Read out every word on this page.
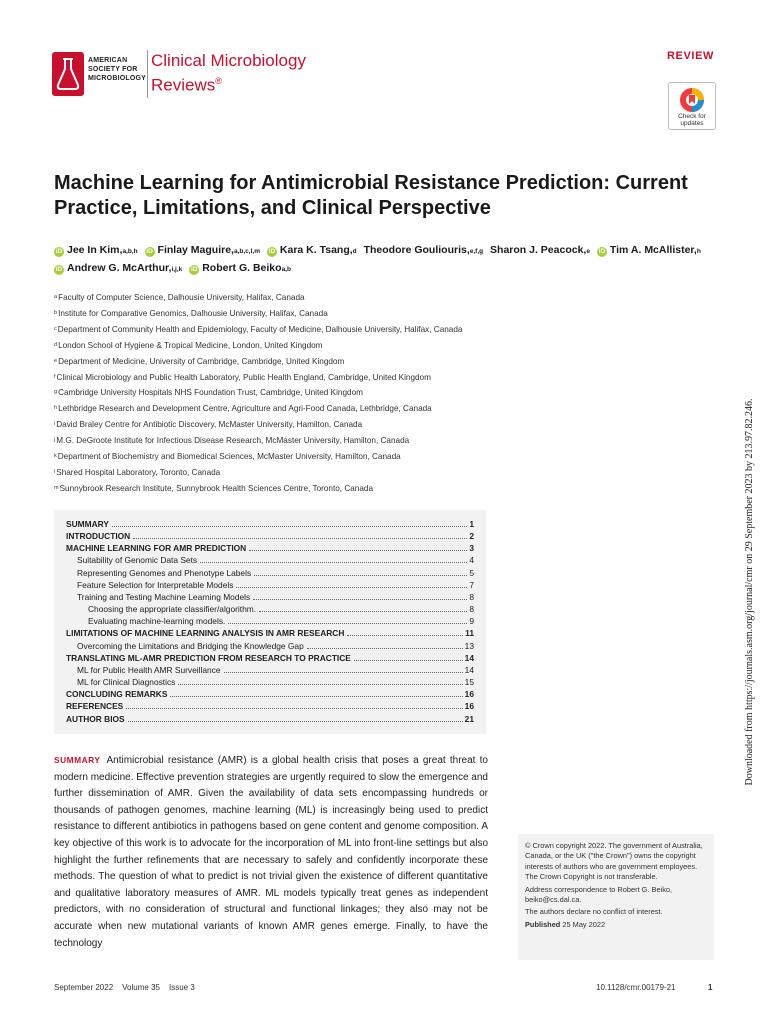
AMERICAN
SOCIETY FOR
MICROBIOLOGY
Clinical Microbiology
Reviews®
REVIEW
Check for
updates
Machine Learning for Antimicrobial Resistance Prediction: Current Practice, Limitations, and Clinical Perspective
iD Jee In Kim, a,b,h
iD Finlay Maguire, a,b,c,l,m
iD Kara K. Tsang, d
Theodore Gouliouris, e,f,g
Sharon J. Peacock, e
iD Tim A. McAllister, h

iD Andrew G. McArthur, i,j,k
iD Robert G. Beiko a,b
$^a$Faculty of Computer Science, Dalhousie University, Halifax, Canada
$^b$Institute for Comparative Genomics, Dalhousie University, Halifax, Canada
$^c$Department of Community Health and Epidemiology, Faculty of Medicine, Dalhousie University, Halifax, Canada
$^d$London School of Hygiene & Tropical Medicine, London, United Kingdom
$^e$Department of Medicine, University of Cambridge, Cambridge, United Kingdom
$^f$Clinical Microbiology and Public Health Laboratory, Public Health England, Cambridge, United Kingdom
$^g$Cambridge University Hospitals NHS Foundation Trust, Cambridge, United Kingdom
$^h$Lethbridge Research and Development Centre, Agriculture and Agri-Food Canada, Lethbridge, Canada
$^i$David Braley Centre for Antibiotic Discovery, McMaster University, Hamilton, Canada
$^j$M.G. DeGroote Institute for Infectious Disease Research, McMaster University, Hamilton, Canada
$^k$Department of Biochemistry and Biomedical Sciences, McMaster University, Hamilton, Canada
$^l$Shared Hospital Laboratory, Toronto, Canada
$^m$Sunnybrook Research Institute, Sunnybrook Health Sciences Centre, Toronto, Canada
SUMMARY	1
INTRODUCTION	2
MACHINE LEARNING FOR AMR PREDICTION	3
Suitability of Genomic Data Sets	4
Representing Genomes and Phenotype Labels	5
Feature Selection for Interpretable Models	7
Training and Testing Machine Learning Models	8
Choosing the appropriate classifier/algorithm.	8
Evaluating machine-learning models.	9
LIMITATIONS OF MACHINE LEARNING ANALYSIS IN AMR RESEARCH	11
Overcoming the Limitations and Bridging the Knowledge Gap	13
TRANSLATING ML-AMR PREDICTION FROM RESEARCH TO PRACTICE	14
ML for Public Health AMR Surveillance	14
ML for Clinical Diagnostics	15
CONCLUDING REMARKS	16
REFERENCES	16
AUTHOR BIOS	21
SUMMARY Antimicrobial resistance (AMR) is a global health crisis that poses a great threat to modern medicine. Effective prevention strategies are urgently required to slow the emergence and further dissemination of AMR. Given the availability of data sets encompassing hundreds or thousands of pathogen genomes, machine learning (ML) is increasingly being used to predict resistance to different antibiotics in pathogens based on gene content and genome composition. A key objective of this work is to advocate for the incorporation of ML into front-line settings but also highlight the further refinements that are necessary to safely and confidently incorporate these methods. The question of what to predict is not trivial given the existence of different quantitative and qualitative laboratory measures of AMR. ML models typically treat genes as independent predictors, with no consideration of structural and functional linkages; they also may not be accurate when new mutational variants of known AMR genes emerge. Finally, to have the technology

© Crown copyright 2022. The government of Australia, Canada, or the UK ("the Crown") owns the copyright interests of authors who are government employees. The Crown Copyright is not transferable.

Address correspondence to Robert G. Beiko, beiko@cs.dal.ca.

The authors declare no conflict of interest.

Published 25 May 2022

September 2022 Volume 35 Issue 3	10.1128/cmr.00179-21	1
Downloaded from https://journals.asm.org/journal/cmr on 29 September 2023 by 213.97.82.246.
